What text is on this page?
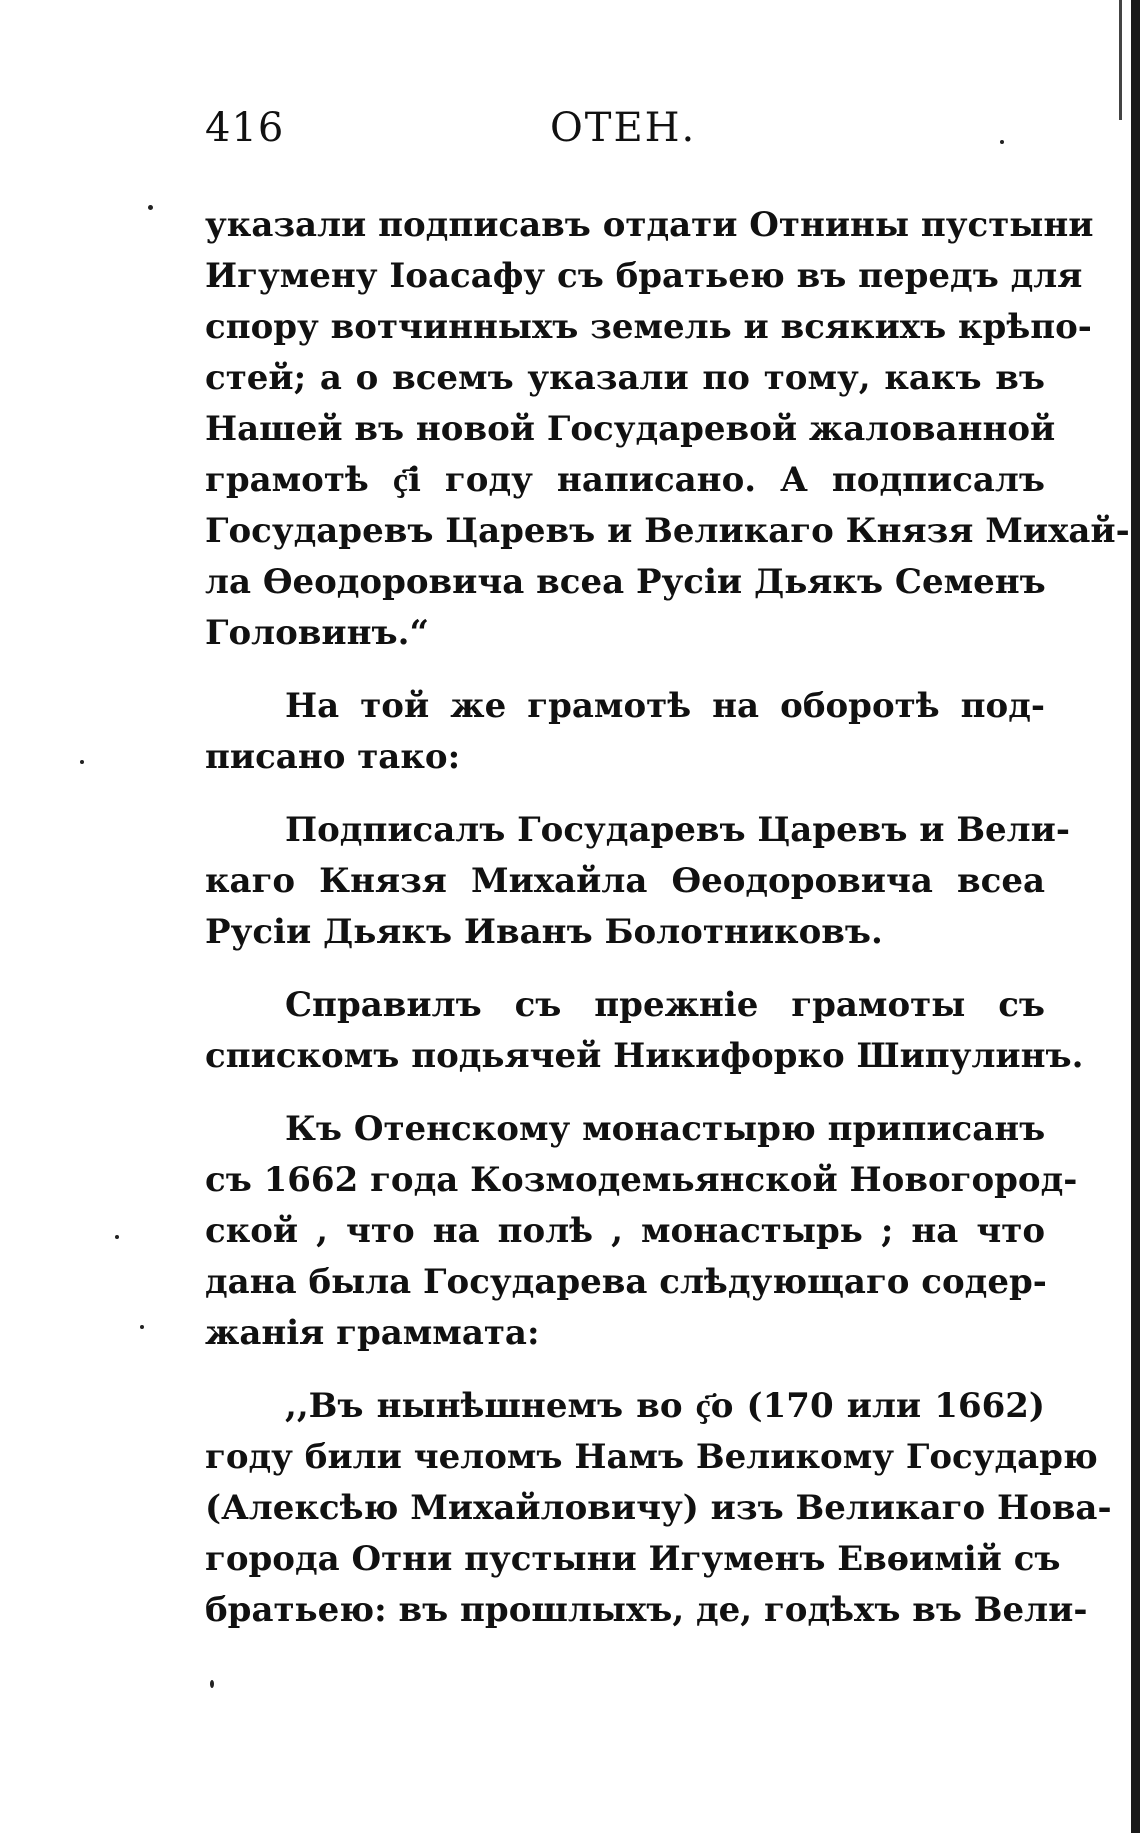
416	ОТЕН.
указали подписавъ отдати Отнины пустыни
Игумену Іоасафу съ братьею въ передъ для
спору вотчинныхъ земель и всякихъ крѣпо-
стей; а о всемъ указали по тому, какъ въ
Нашей въ новой Государевой жалованной
грамотѣ ҫ҃і году написано. А подписалъ
Государевъ Царевъ и Великаго Князя Михай-
ла Өеодоровича всеа Русіи Дьякъ Семенъ
Головинъ.“
На той же грамотѣ на оборотѣ под-
писано тако:
Подписалъ Государевъ Царевъ и Вели-
каго Князя Михайла Өеодоровича всеа
Русіи Дьякъ Иванъ Болотниковъ.
Справилъ съ прежніе грамоты съ
спискомъ подьячей Никифорко Шипулинъ.
Къ Отенскому монастырю приписанъ
съ 1662 года Козмодемьянской Новогород-
ской , что на полѣ , монастырь ; на что
дана была Государева слѣдующаго содер-
жанія граммата:
,,Въ нынѣшнемъ во ҫ҃о (170 или 1662)
году били челомъ Намъ Великому Государю
(Алексѣю Михайловичу) изъ Великаго Нова-
города Отни пустыни Игуменъ Евѳимій съ
братьею: въ прошлыхъ, де, годѣхъ въ Вели-
